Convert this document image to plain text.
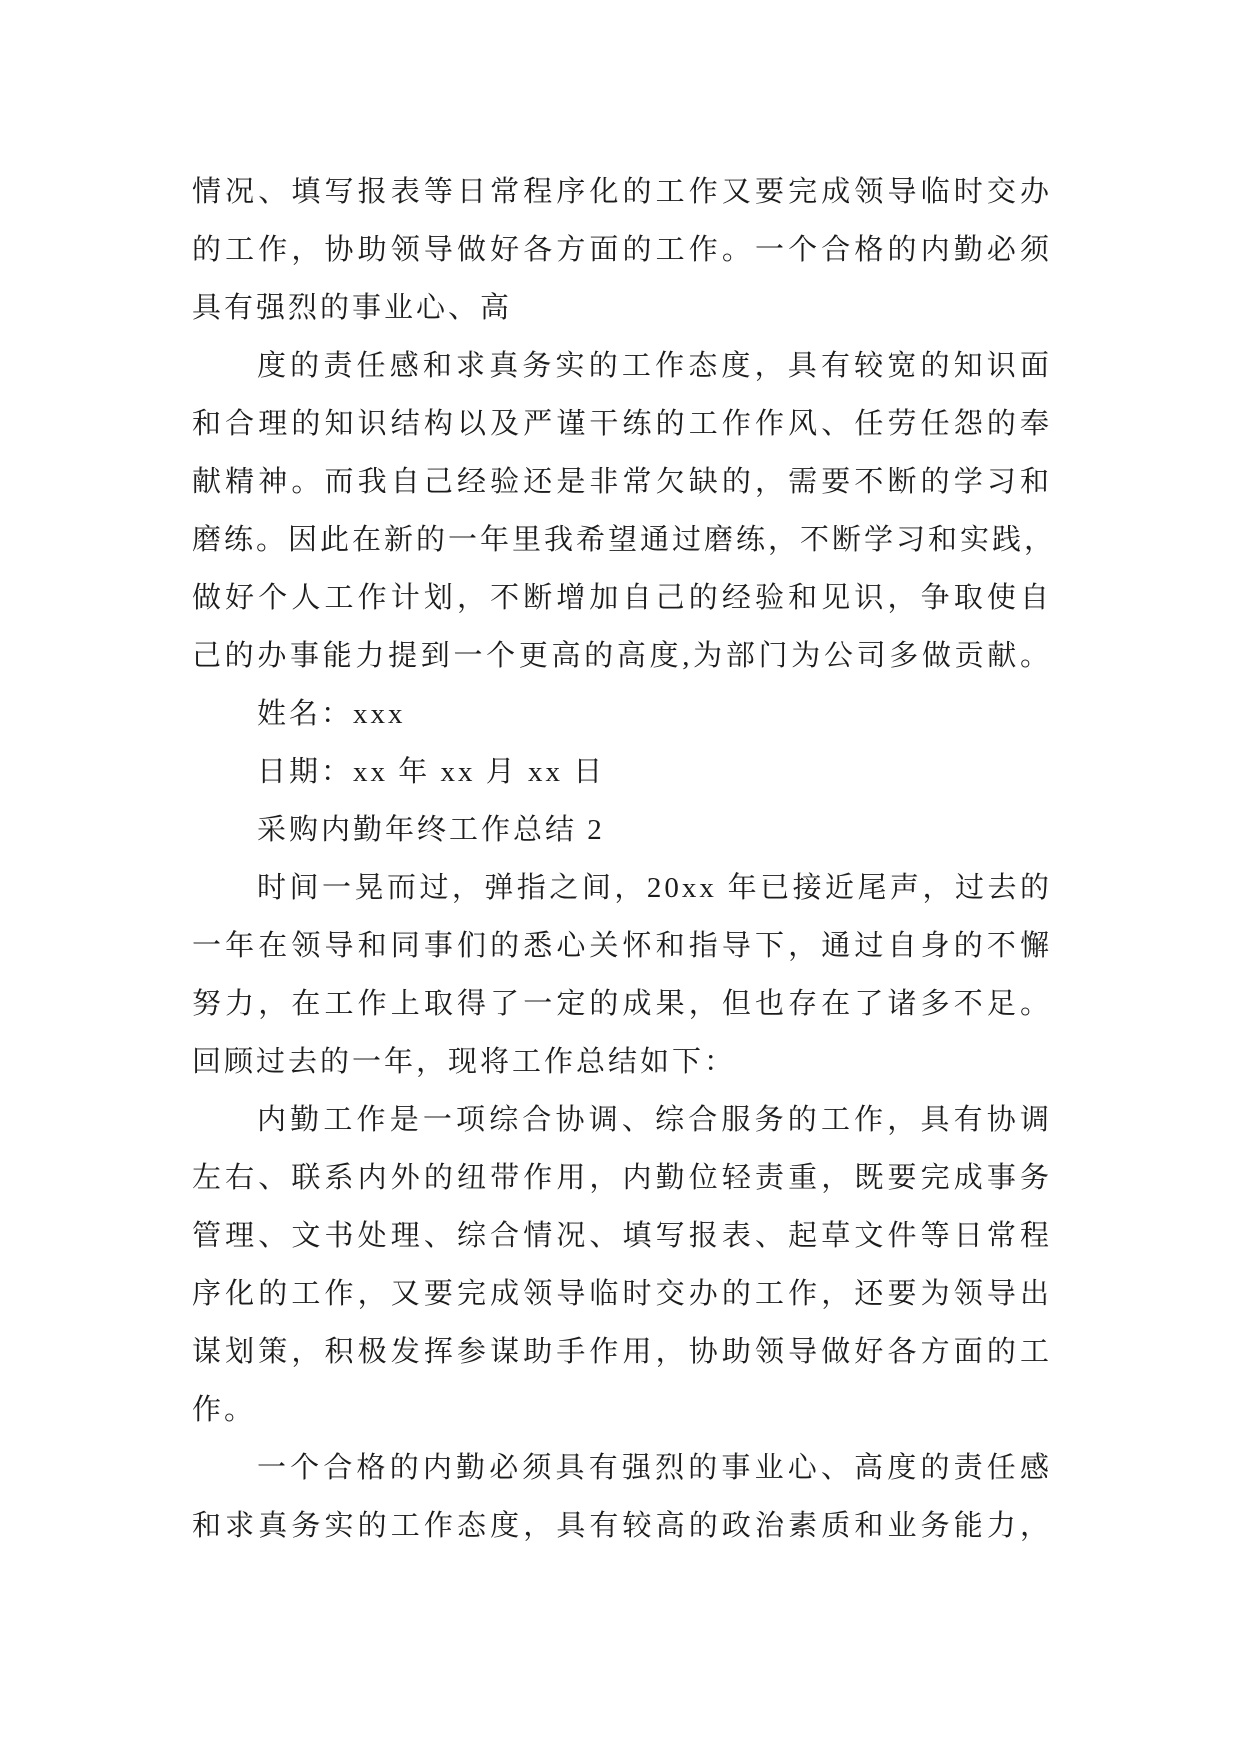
情况、填写报表等日常程序化的工作又要完成领导临时交办
的工作，协助领导做好各方面的工作。一个合格的内勤必须
具有强烈的事业心、高
度的责任感和求真务实的工作态度，具有较宽的知识面
和合理的知识结构以及严谨干练的工作作风、任劳任怨的奉
献精神。而我自己经验还是非常欠缺的，需要不断的学习和
磨练。因此在新的一年里我希望通过磨练，不断学习和实践，
做好个人工作计划，不断增加自己的经验和见识，争取使自
己的办事能力提到一个更高的高度,为部门为公司多做贡献。
姓名：xxx
日期：xx 年 xx 月 xx 日
采购内勤年终工作总结 2
时间一晃而过，弹指之间，20xx 年已接近尾声，过去的
一年在领导和同事们的悉心关怀和指导下，通过自身的不懈
努力，在工作上取得了一定的成果，但也存在了诸多不足。
回顾过去的一年，现将工作总结如下：
内勤工作是一项综合协调、综合服务的工作，具有协调
左右、联系内外的纽带作用，内勤位轻责重，既要完成事务
管理、文书处理、综合情况、填写报表、起草文件等日常程
序化的工作，又要完成领导临时交办的工作，还要为领导出
谋划策，积极发挥参谋助手作用，协助领导做好各方面的工
作。
一个合格的内勤必须具有强烈的事业心、高度的责任感
和求真务实的工作态度，具有较高的政治素质和业务能力，
